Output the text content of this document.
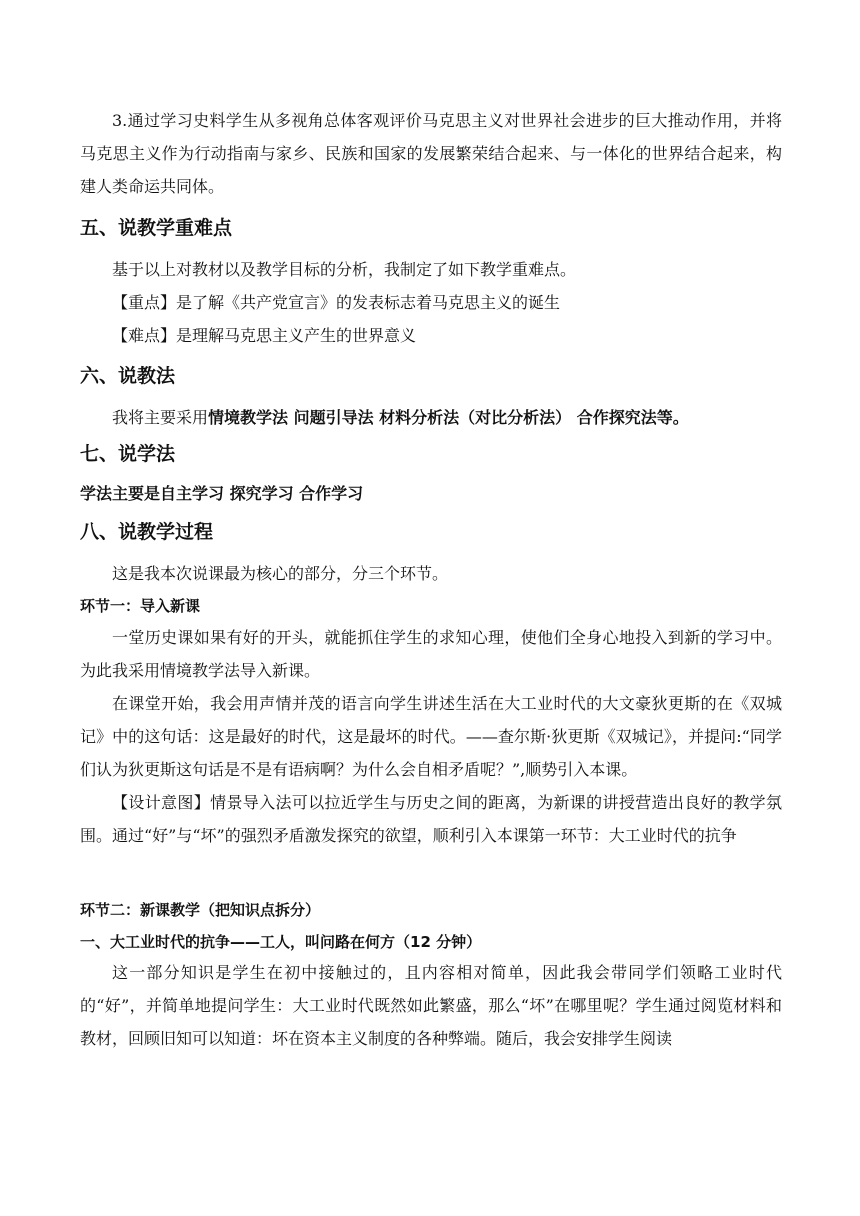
3.通过学习史料学生从多视角总体客观评价马克思主义对世界社会进步的巨大推动作用，并将马克思主义作为行动指南与家乡、民族和国家的发展繁荣结合起来、与一体化的世界结合起来，构建人类命运共同体。
五、说教学重难点
基于以上对教材以及教学目标的分析，我制定了如下教学重难点。
【重点】是了解《共产党宣言》的发表标志着马克思主义的诞生
【难点】是理解马克思主义产生的世界意义
六、说教法
我将主要采用情境教学法 问题引导法 材料分析法（对比分析法） 合作探究法等。
七、说学法
学法主要是自主学习 探究学习 合作学习
八、说教学过程
这是我本次说课最为核心的部分，分三个环节。
环节一：导入新课
一堂历史课如果有好的开头，就能抓住学生的求知心理，使他们全身心地投入到新的学习中。为此我采用情境教学法导入新课。
在课堂开始，我会用声情并茂的语言向学生讲述生活在大工业时代的大文豪狄更斯的在《双城记》中的这句话：这是最好的时代，这是最坏的时代。——查尔斯·狄更斯《双城记》，并提问:“同学们认为狄更斯这句话是不是有语病啊？为什么会自相矛盾呢？”,顺势引入本课。
【设计意图】情景导入法可以拉近学生与历史之间的距离，为新课的讲授营造出良好的教学氛围。通过“好”与“坏”的强烈矛盾激发探究的欲望，顺利引入本课第一环节：大工业时代的抗争
环节二：新课教学（把知识点拆分）
一、大工业时代的抗争——工人，叫问路在何方（12 分钟）
这一部分知识是学生在初中接触过的，且内容相对简单，因此我会带同学们领略工业时代的“好”，并简单地提问学生：大工业时代既然如此繁盛，那么“坏”在哪里呢？学生通过阅览材料和教材，回顾旧知可以知道：坏在资本主义制度的各种弊端。随后，我会安排学生阅读
